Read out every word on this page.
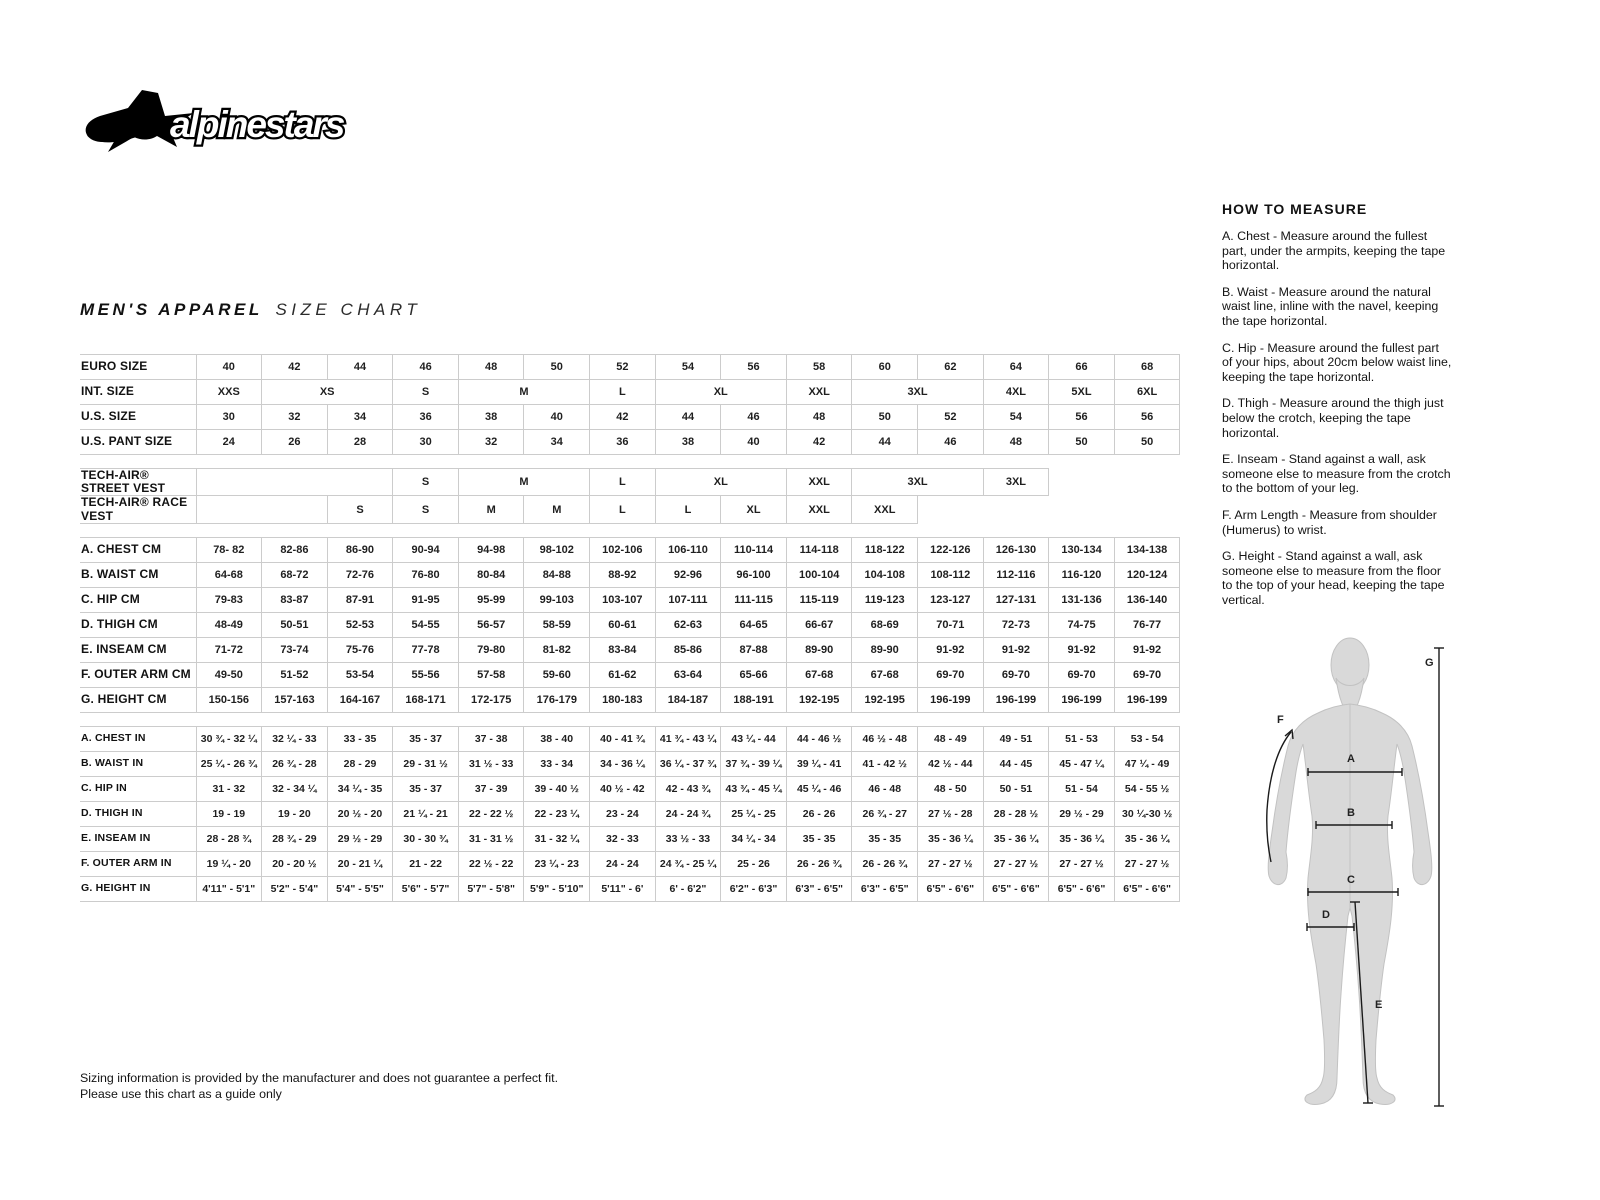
alpinestars
MEN'S APPAREL SIZE CHART
EURO SIZE	40	42	44	46	48	50	52	54	56	58	60	62	64	66	68
INT. SIZE	XXS	XS		S	M		L	XL		XXL	3XL		4XL	5XL	6XL
U.S. SIZE	30	32	34	36	38	40	42	44	46	48	50	52	54	56	56
U.S. PANT SIZE	24	26	28	30	32	34	36	38	40	42	44	46	48	50	50
TECH-AIR® STREET VEST				S	M		L	XL		XXL	3XL		3XL		
TECH-AIR® RACE VEST			S	S	M	M	L	L	XL	XXL	XXL				
A. CHEST CM	78- 82	82-86	86-90	90-94	94-98	98-102	102-106	106-110	110-114	114-118	118-122	122-126	126-130	130-134	134-138
B. WAIST CM	64-68	68-72	72-76	76-80	80-84	84-88	88-92	92-96	96-100	100-104	104-108	108-112	112-116	116-120	120-124
C. HIP CM	79-83	83-87	87-91	91-95	95-99	99-103	103-107	107-111	111-115	115-119	119-123	123-127	127-131	131-136	136-140
D. THIGH CM	48-49	50-51	52-53	54-55	56-57	58-59	60-61	62-63	64-65	66-67	68-69	70-71	72-73	74-75	76-77
E. INSEAM CM	71-72	73-74	75-76	77-78	79-80	81-82	83-84	85-86	87-88	89-90	89-90	91-92	91-92	91-92	91-92
F. OUTER ARM CM	49-50	51-52	53-54	55-56	57-58	59-60	61-62	63-64	65-66	67-68	67-68	69-70	69-70	69-70	69-70
G. HEIGHT CM	150-156	157-163	164-167	168-171	172-175	176-179	180-183	184-187	188-191	192-195	192-195	196-199	196-199	196-199	196-199
A. CHEST IN	30 ¾ - 32 ¼	32 ¼ - 33	33 - 35	35 - 37	37 - 38	38 - 40	40 - 41 ¾	41 ¾ - 43 ¼	43 ¼ - 44	44 - 46 ½	46 ½ - 48	48 - 49	49 - 51	51 - 53	53 - 54
B. WAIST IN	25 ¼ - 26 ¾	26 ¾ - 28	28 - 29	29 - 31 ½	31 ½ - 33	33 - 34	34 - 36 ¼	36 ¼ - 37 ¾	37 ¾ - 39 ¼	39 ¼ - 41	41 - 42 ½	42 ½ - 44	44 - 45	45 - 47 ¼	47 ¼ - 49
C. HIP IN	31 - 32	32 - 34 ¼	34 ¼ - 35	35 - 37	37 - 39	39 - 40 ½	40 ½ - 42	42 - 43 ¾	43 ¾ - 45 ¼	45 ¼ - 46	46 - 48	48 - 50	50 - 51	51 - 54	54 - 55 ½
D. THIGH IN	19 - 19	19 - 20	20 ½ - 20	21 ¼ - 21	22 - 22 ½	22 - 23 ¼	23 - 24	24 - 24 ¾	25 ¼ - 25	26 - 26	26 ¾ - 27	27 ½ - 28	28 - 28 ½	29 ½ - 29	30 ¼-30 ½
E. INSEAM IN	28 - 28 ¾	28 ¾ - 29	29 ½ - 29	30 - 30 ¾	31 - 31 ½	31 - 32 ¼	32 - 33	33 ½ - 33	34 ¼ - 34	35 - 35	35 - 35	35 - 36 ¼	35 - 36 ¼	35 - 36 ¼	35 - 36 ¼
F. OUTER ARM IN	19 ¼ - 20	20 - 20 ½	20 - 21 ¼	21 - 22	22 ½ - 22	23 ¼ - 23	24 - 24	24 ¾ - 25 ¼	25 - 26	26 - 26 ¾	26 - 26 ¾	27 - 27 ½	27 - 27 ½	27 - 27 ½	27 - 27 ½
G. HEIGHT IN	4'11" - 5'1"	5'2" - 5'4"	5'4" - 5'5"	5'6" - 5'7"	5'7" - 5'8"	5'9" - 5'10"	5'11" - 6'	6' - 6'2"	6'2" - 6'3"	6'3" - 6'5"	6'3" - 6'5"	6'5" - 6'6"	6'5" - 6'6"	6'5" - 6'6"	6'5" - 6'6"
HOW TO MEASURE

A. Chest - Measure around the fullest part, under the armpits, keeping the tape horizontal.

B. Waist - Measure around the natural waist line, inline with the navel, keeping the tape horizontal.

C. Hip - Measure around the fullest part of your hips, about 20cm below waist line, keeping the tape horizontal.

D. Thigh - Measure around the thigh just below the crotch, keeping the tape horizontal.

E. Inseam - Stand against a wall, ask someone else to measure from the crotch to the bottom of your leg.

F. Arm Length - Measure from shoulder (Humerus) to wrist.

G. Height - Stand against a wall, ask someone else to measure from the floor to the top of your head, keeping the tape vertical.

A
B
C
D
E
F
G
Sizing information is provided by the manufacturer and does not guarantee a perfect fit.
Please use this chart as a guide only
